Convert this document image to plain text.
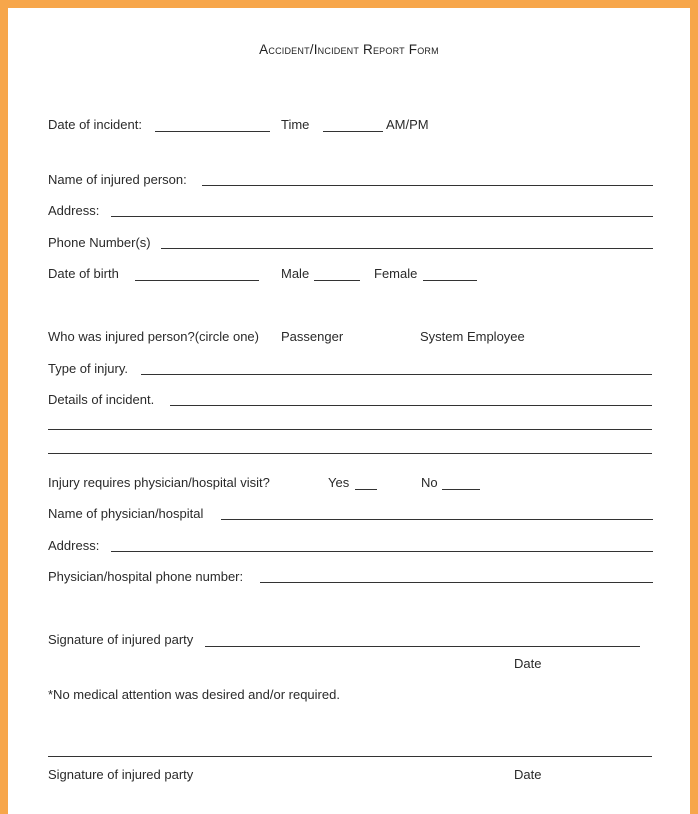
Accident/Incident Report Form
Date of incident:	Time	AM/PM
Name of injured person:
Address:
Phone Number(s)
Date of birth	Male	Female
Who was injured person?(circle one) Passenger	System Employee
Type of injury.
Details of incident.
Injury requires physician/hospital visit?	Yes	No
Name of physician/hospital
Address:
Physician/hospital phone number:
Signature of injured party
Date
*No medical attention was desired and/or required.
Signature of injured party	Date
